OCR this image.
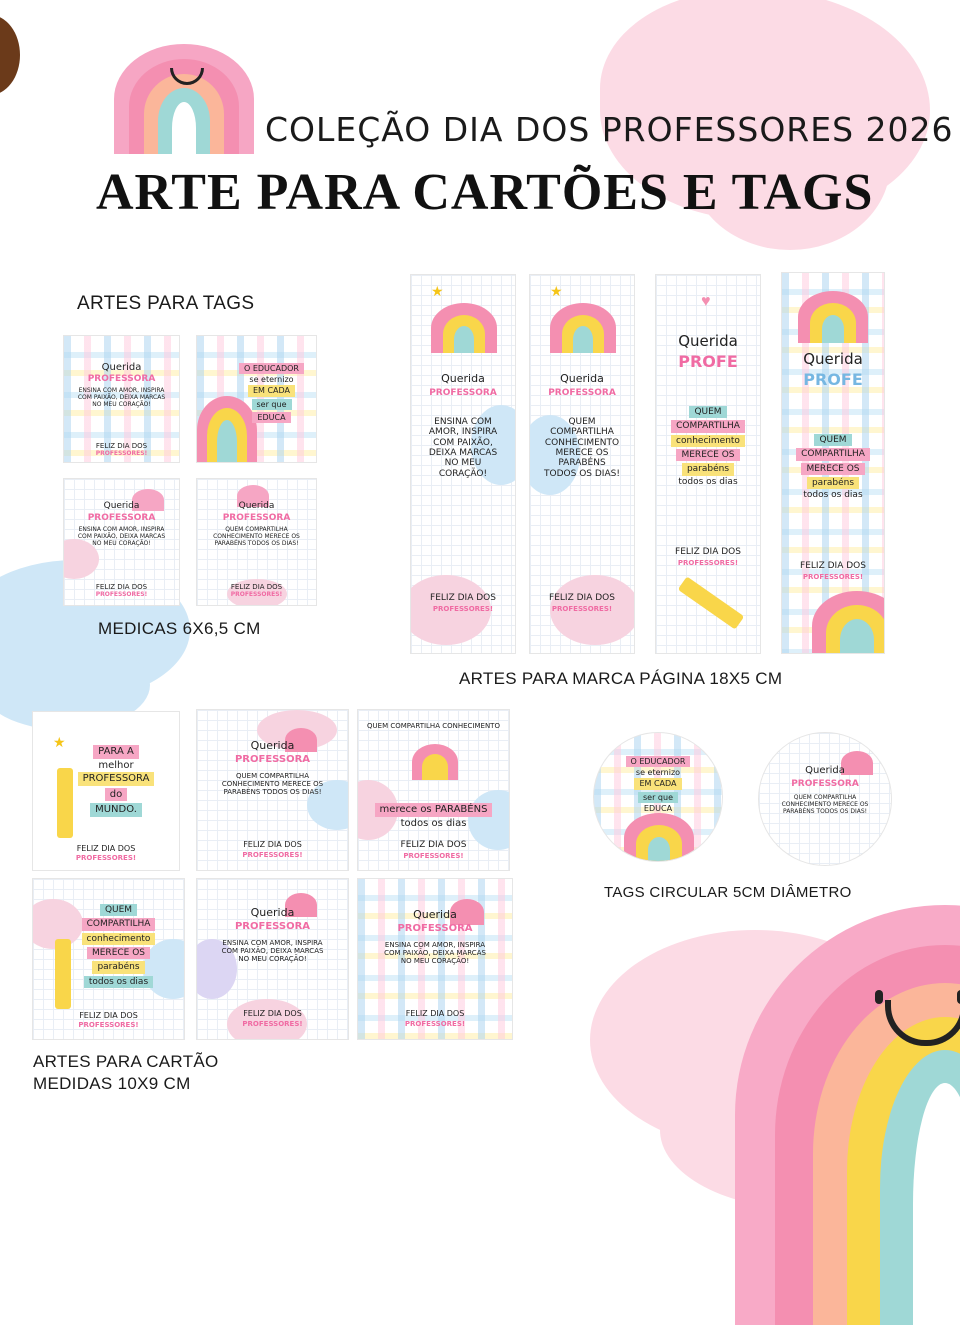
COLEÇÃO DIA DOS PROFESSORES 2026
ARTE PARA CARTÕES E TAGS
ARTES PARA TAGS
Querida
PROFESSORA
ENSINA COM AMOR, INSPIRA COM PAIXÃO, DEIXA MARCAS NO MEU CORAÇÃO!
FELIZ DIA DOS
PROFESSORES!
O EDUCADOR
se eternizo
EM CADA
ser que
EDUCA
Querida
PROFESSORA
ENSINA COM AMOR, INSPIRA COM PAIXÃO, DEIXA MARCAS NO MEU CORAÇÃO!
FELIZ DIA DOS
PROFESSORES!
Querida
PROFESSORA
QUEM COMPARTILHA CONHECIMENTO MERECE OS PARABÉNS TODOS OS DIAS!
FELIZ DIA DOS
PROFESSORES!
MEDICAS 6X6,5 CM
★
Querida
PROFESSORA
ENSINA COM AMOR, INSPIRA COM PAIXÃO, DEIXA MARCAS NO MEU CORAÇÃO!
FELIZ DIA DOS
PROFESSORES!
★
Querida
PROFESSORA
QUEM COMPARTILHA CONHECIMENTO MERECE OS PARABÉNS TODOS OS DIAS!
FELIZ DIA DOS
PROFESSORES!
♥
Querida
PROFE
QUEM
COMPARTILHA
conhecimento
MERECE OS
parabéns
todos os dias
FELIZ DIA DOS
PROFESSORES!
Querida
PROFE
QUEM
COMPARTILHA
MERECE OS
parabéns
todos os dias
FELIZ DIA DOS
PROFESSORES!
ARTES PARA MARCA PÁGINA 18X5 CM
★
PARA A
melhor
PROFESSORA
do
MUNDO.
FELIZ DIA DOS
PROFESSORES!
Querida
PROFESSORA
QUEM COMPARTILHA CONHECIMENTO MERECE OS PARABÉNS TODOS OS DIAS!
FELIZ DIA DOS
PROFESSORES!
QUEM COMPARTILHA CONHECIMENTO
merece os PARABÉNS
todos os dias
FELIZ DIA DOS
PROFESSORES!
QUEM
COMPARTILHA
conhecimento
MERECE OS
parabéns
todos os dias
FELIZ DIA DOS
PROFESSORES!
Querida
PROFESSORA
ENSINA COM AMOR, INSPIRA COM PAIXÃO, DEIXA MARCAS NO MEU CORAÇÃO!
FELIZ DIA DOS
PROFESSORES!
Querida
PROFESSORA
ENSINA COM AMOR, INSPIRA COM PAIXÃO, DEIXA MARCAS NO MEU CORAÇÃO!
FELIZ DIA DOS
PROFESSORES!
ARTES PARA CARTÃO
MEDIDAS 10X9 CM
O EDUCADOR
se eternizo
EM CADA
ser que
EDUCA
Querida
PROFESSORA
QUEM COMPARTILHA CONHECIMENTO MERECE OS PARABÉNS TODOS OS DIAS!
TAGS CIRCULAR 5CM DIÂMETRO
